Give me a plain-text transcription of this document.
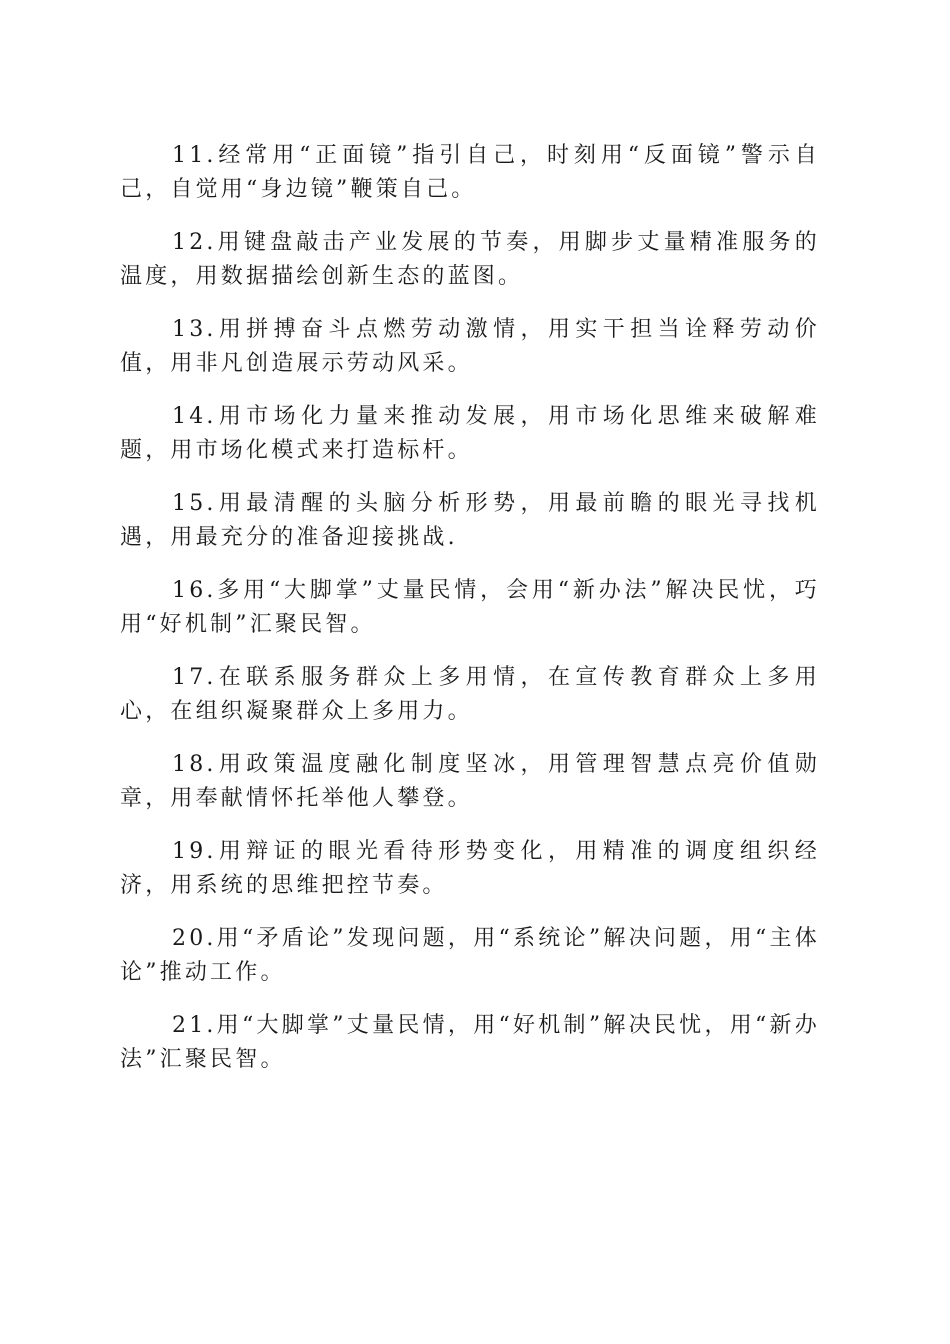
11.经常用“正面镜”指引自己，时刻用“反面镜”警示自己，自觉用“身边镜”鞭策自己。

12.用键盘敲击产业发展的节奏，用脚步丈量精准服务的温度，用数据描绘创新生态的蓝图。

13.用拼搏奋斗点燃劳动激情，用实干担当诠释劳动价值，用非凡创造展示劳动风采。

14.用市场化力量来推动发展，用市场化思维来破解难题，用市场化模式来打造标杆。

15.用最清醒的头脑分析形势，用最前瞻的眼光寻找机遇，用最充分的准备迎接挑战.

16.多用“大脚掌”丈量民情，会用“新办法”解决民忧，巧用“好机制”汇聚民智。

17.在联系服务群众上多用情，在宣传教育群众上多用心，在组织凝聚群众上多用力。

18.用政策温度融化制度坚冰，用管理智慧点亮价值勋章，用奉献情怀托举他人攀登。

19.用辩证的眼光看待形势变化，用精准的调度组织经济，用系统的思维把控节奏。

20.用“矛盾论”发现问题，用“系统论”解决问题，用“主体论”推动工作。

21.用“大脚掌”丈量民情，用“好机制”解决民忧，用“新办法”汇聚民智。
